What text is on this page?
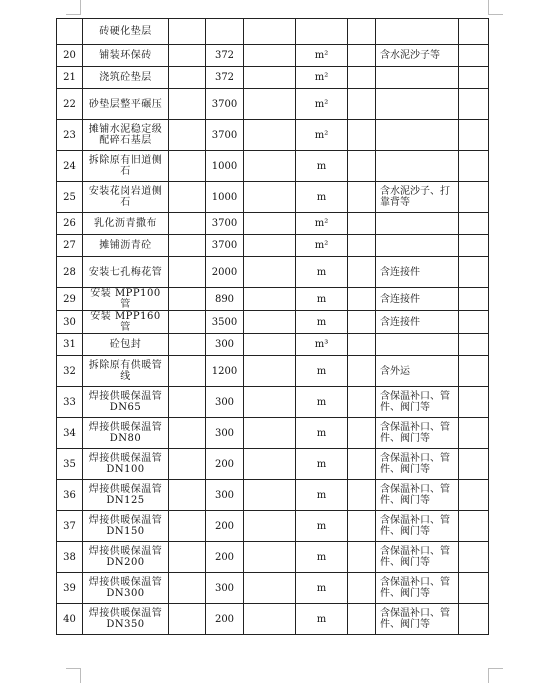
	砖硬化垫层							
20	铺装环保砖		372		m²		含水泥沙子等	
21	浇筑砼垫层		372		m²			
22	砂垫层整平碾压		3700		m²			
23	摊铺水泥稳定级配碎石基层		3700		m²			
24	拆除原有旧道侧石		1000		m			
25	安装花岗岩道侧石		1000		m		含水泥沙子、打靠背等	
26	乳化沥青撒布		3700		m²			
27	摊铺沥青砼		3700		m²			
28	安装七孔梅花管		2000		m		含连接件	
29	安装 MPP100 管		890		m		含连接件	
30	安装 MPP160 管		3500		m		含连接件	
31	砼包封		300		m³			
32	拆除原有供暖管线		1200		m		含外运	
33	焊接供暖保温管 DN65		300		m		含保温补口、管件、阀门等	
34	焊接供暖保温管 DN80		300		m		含保温补口、管件、阀门等	
35	焊接供暖保温管 DN100		200		m		含保温补口、管件、阀门等	
36	焊接供暖保温管 DN125		300		m		含保温补口、管件、阀门等	
37	焊接供暖保温管 DN150		200		m		含保温补口、管件、阀门等	
38	焊接供暖保温管 DN200		200		m		含保温补口、管件、阀门等	
39	焊接供暖保温管 DN300		300		m		含保温补口、管件、阀门等	
40	焊接供暖保温管 DN350		200		m		含保温补口、管件、阀门等	
